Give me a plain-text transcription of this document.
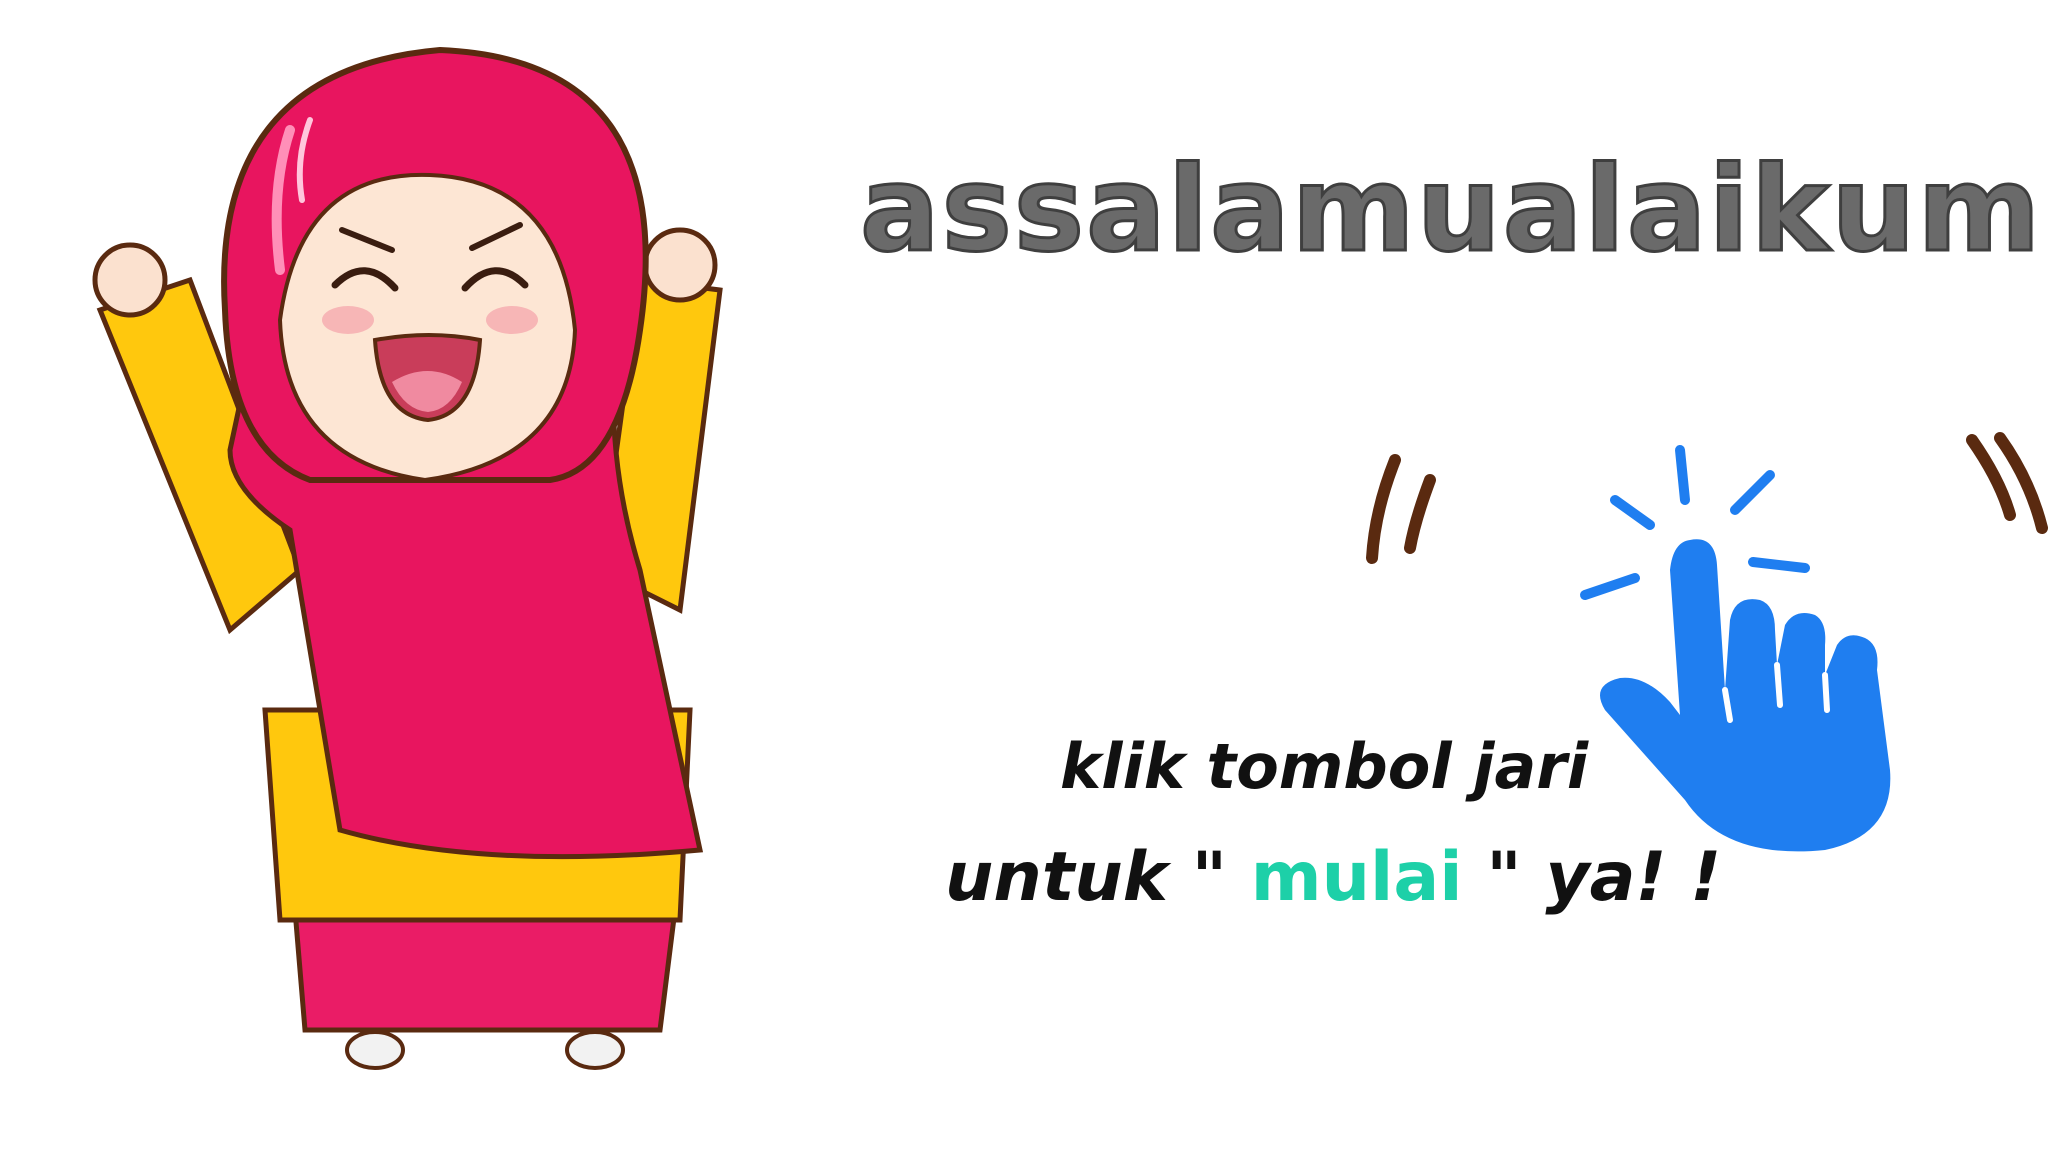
assalamualaikum
klik tombol jari
untuk " mulai " ya! !
